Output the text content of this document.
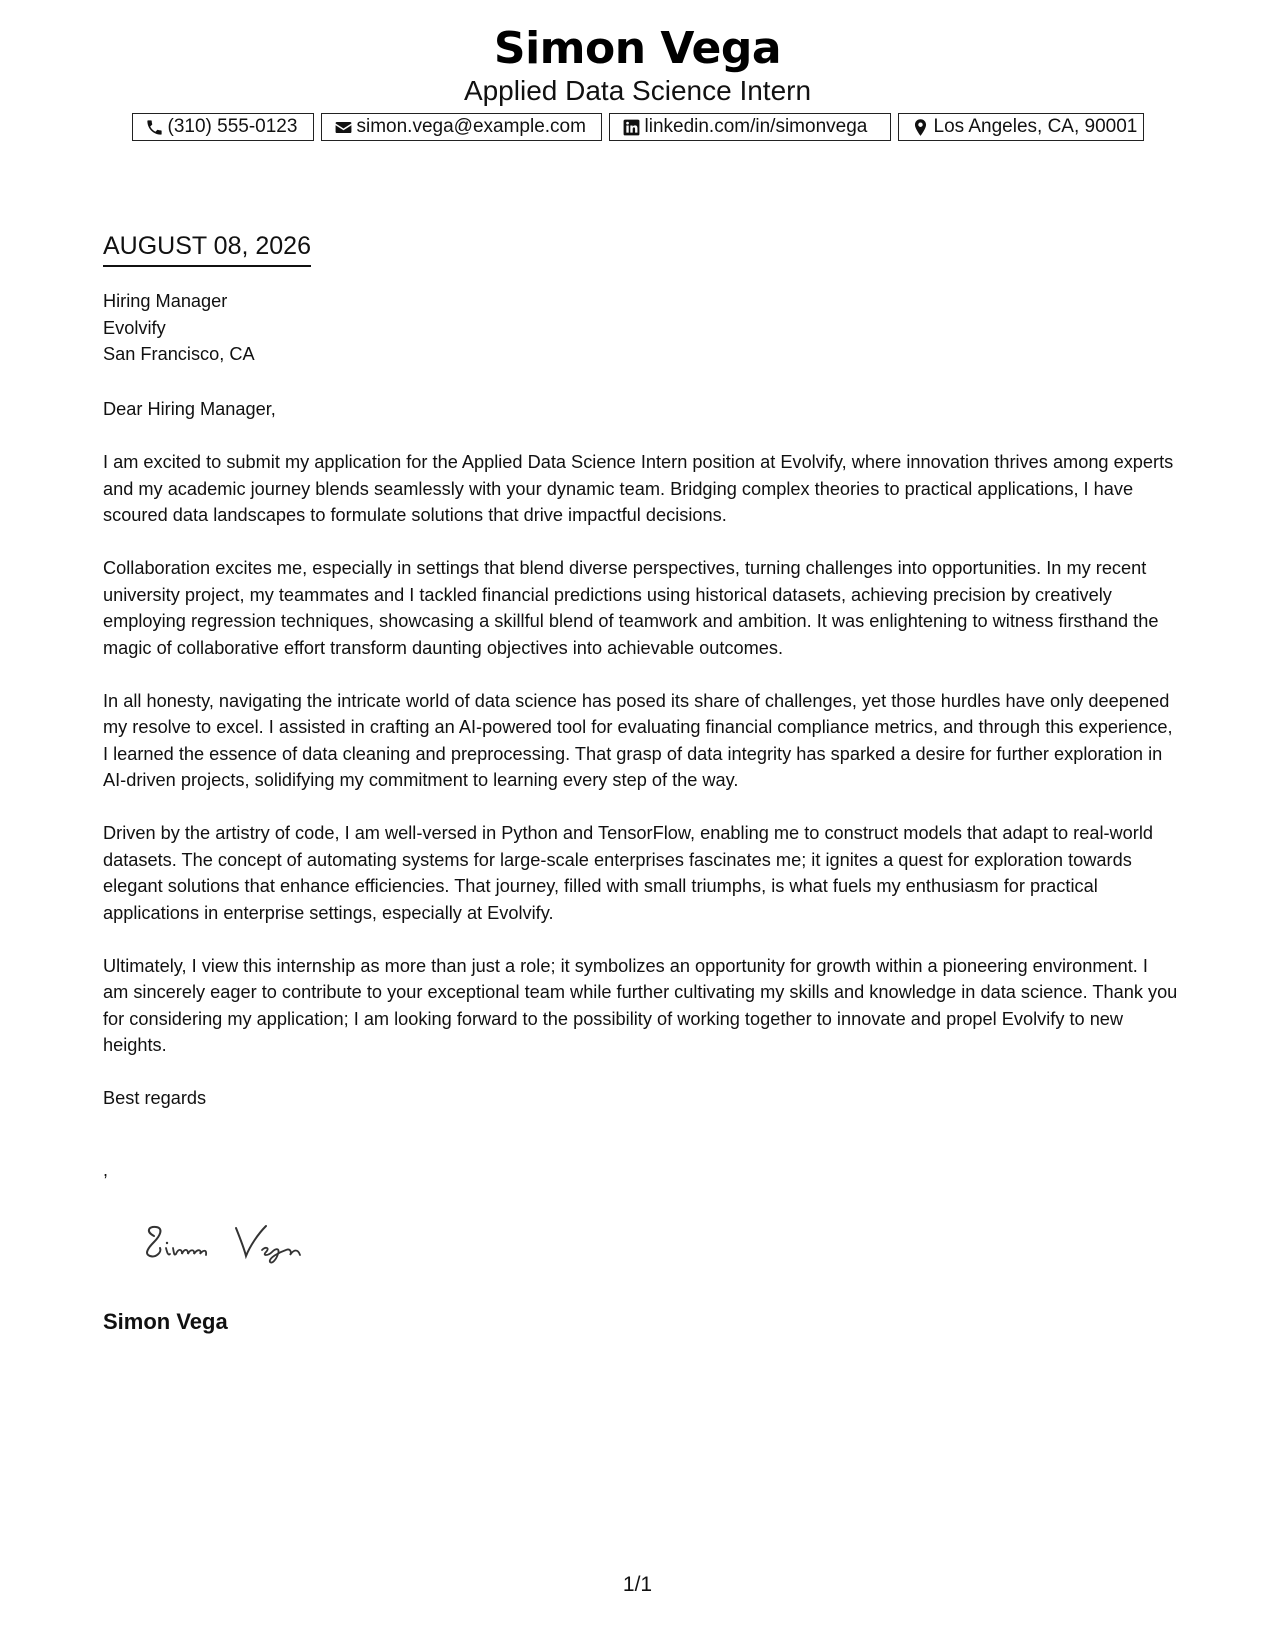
Simon Vega
Applied Data Science Intern
(310) 555-0123	simon.vega@example.com	linkedin.com/in/simonvega	Los Angeles, CA, 90001
AUGUST 08, 2026
Hiring Manager
Evolvify
San Francisco, CA
Dear Hiring Manager,

I am excited to submit my application for the Applied Data Science Intern position at Evolvify, where innovation thrives among experts and my academic journey blends seamlessly with your dynamic team. Bridging complex theories to practical applications, I have scoured data landscapes to formulate solutions that drive impactful decisions.

Collaboration excites me, especially in settings that blend diverse perspectives, turning challenges into opportunities. In my recent university project, my teammates and I tackled financial predictions using historical datasets, achieving precision by creatively employing regression techniques, showcasing a skillful blend of teamwork and ambition. It was enlightening to witness firsthand the magic of collaborative effort transform daunting objectives into achievable outcomes.

In all honesty, navigating the intricate world of data science has posed its share of challenges, yet those hurdles have only deepened my resolve to excel. I assisted in crafting an AI-powered tool for evaluating financial compliance metrics, and through this experience, I learned the essence of data cleaning and preprocessing. That grasp of data integrity has sparked a desire for further exploration in AI-driven projects, solidifying my commitment to learning every step of the way.

Driven by the artistry of code, I am well-versed in Python and TensorFlow, enabling me to construct models that adapt to real-world datasets. The concept of automating systems for large-scale enterprises fascinates me; it ignites a quest for exploration towards elegant solutions that enhance efficiencies. That journey, filled with small triumphs, is what fuels my enthusiasm for practical applications in enterprise settings, especially at Evolvify.

Ultimately, I view this internship as more than just a role; it symbolizes an opportunity for growth within a pioneering environment. I am sincerely eager to contribute to your exceptional team while further cultivating my skills and knowledge in data science. Thank you for considering my application; I am looking forward to the possibility of working together to innovate and propel Evolvify to new heights.

Best regards
,
Simon Vega
1/1
